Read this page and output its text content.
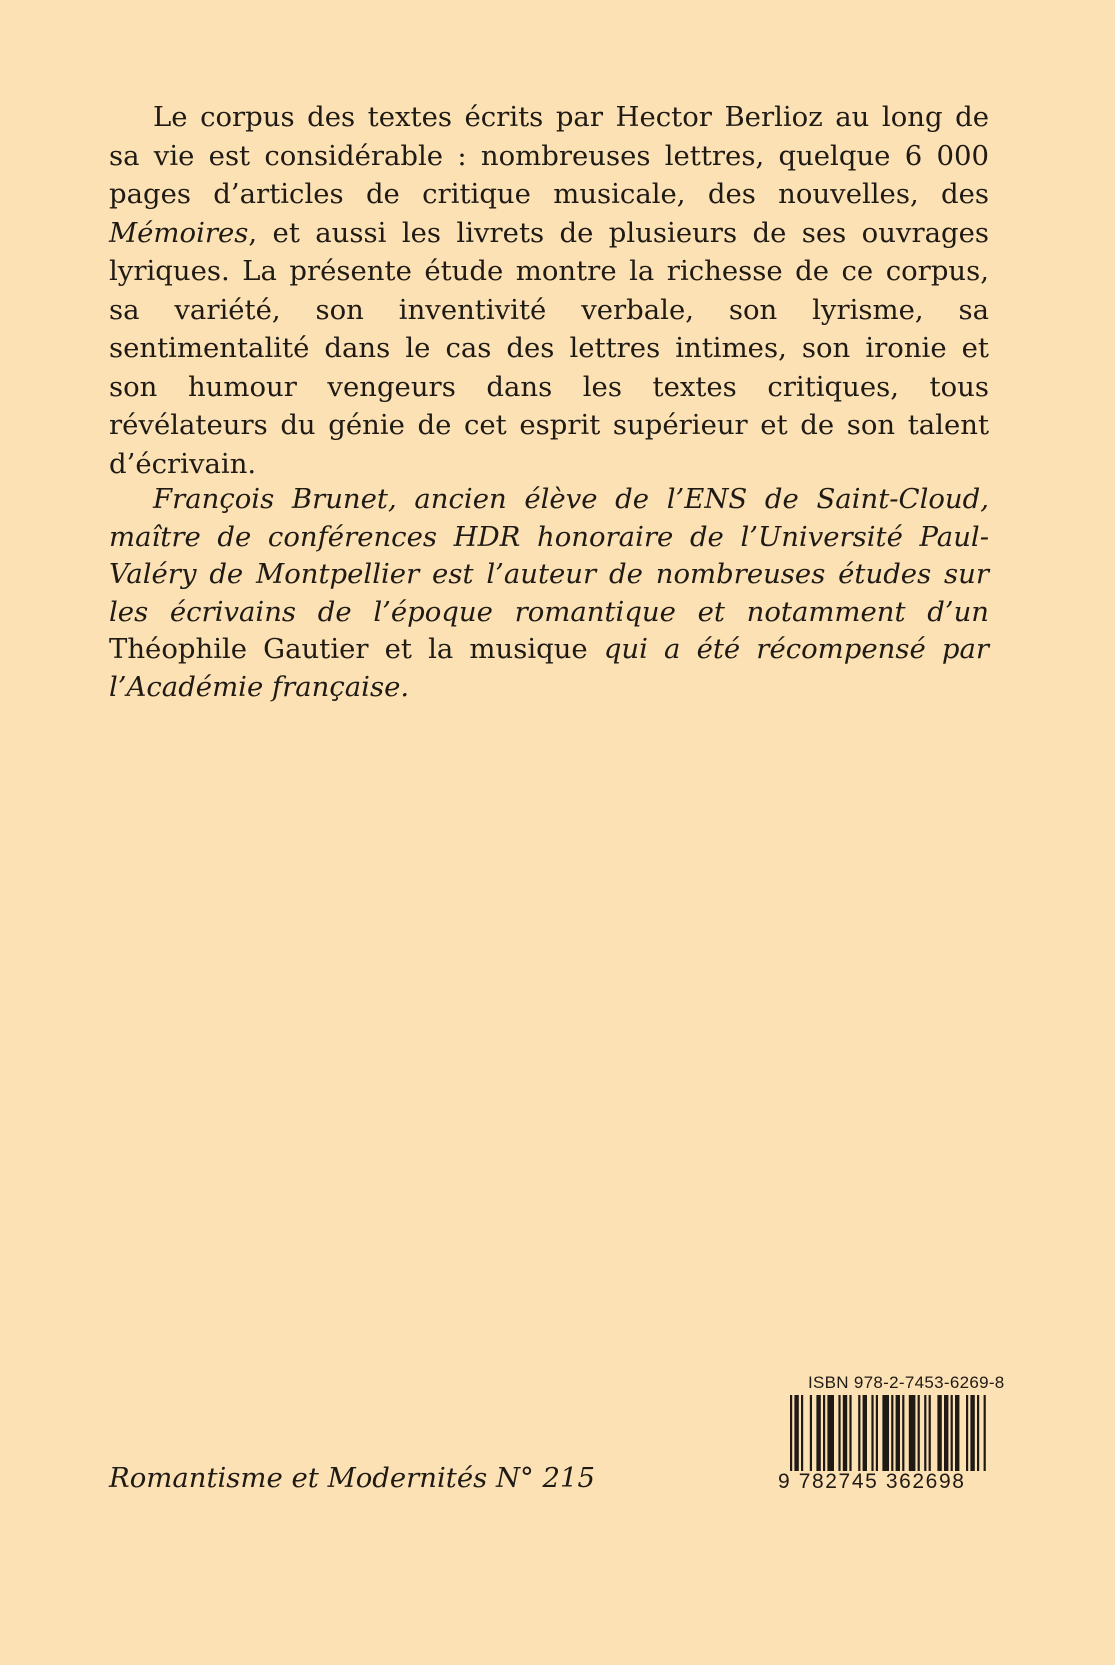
Le corpus des textes écrits par Hector Berlioz au long de sa vie est considérable : nombreuses lettres, quelque 6 000 pages d’articles de critique musicale, des nouvelles, des Mémoires, et aussi les livrets de plusieurs de ses ouvrages lyriques. La présente étude montre la richesse de ce corpus, sa variété, son inventivité verbale, son lyrisme, sa sentimentalité dans le cas des lettres intimes, son ironie et son humour vengeurs dans les textes critiques, tous révélateurs du génie de cet esprit supérieur et de son talent d’écrivain.

François Brunet, ancien élève de l’ENS de Saint-Cloud, maître de conférences HDR honoraire de l’Université Paul-Valéry de Montpellier est l’auteur de nombreuses études sur les écrivains de l’époque romantique et notamment d’un Théophile Gautier et la musique qui a été récompensé par l’Académie française.

Romantisme et Modernités N° 215
ISBN 978-2-7453-6269-8
9 782745 362698
